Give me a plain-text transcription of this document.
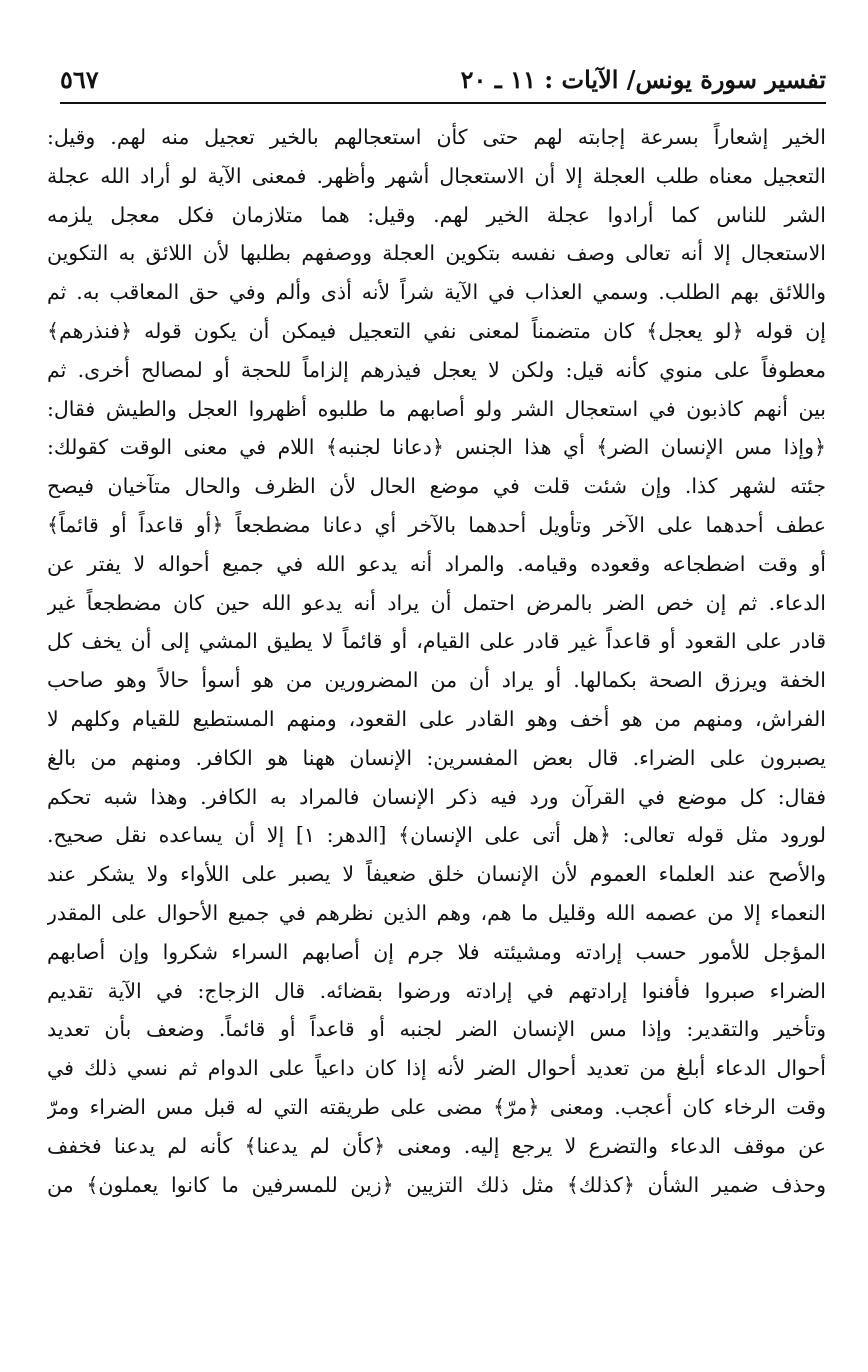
تفسير سورة يونس/ الآيات : ١١ ـ ٢٠
٥٦٧
الخير إشعاراً بسرعة إجابته لهم حتى كأن استعجالهم بالخير تعجيل منه لهم. وقيل:
التعجيل معناه طلب العجلة إلا أن الاستعجال أشهر وأظهر. فمعنى الآية لو أراد الله عجلة
الشر للناس كما أرادوا عجلة الخير لهم. وقيل: هما متلازمان فكل معجل يلزمه
الاستعجال إلا أنه تعالى وصف نفسه بتكوين العجلة ووصفهم بطلبها لأن اللائق به التكوين
واللائق بهم الطلب. وسمي العذاب في الآية شراً لأنه أذى وألم وفي حق المعاقب به. ثم
إن قوله ﴿لو يعجل﴾ كان متضمناً لمعنى نفي التعجيل فيمكن أن يكون قوله ﴿فنذرهم﴾
معطوفاً على منوي كأنه قيل: ولكن لا يعجل فيذرهم إلزاماً للحجة أو لمصالح أخرى. ثم
بين أنهم كاذبون في استعجال الشر ولو أصابهم ما طلبوه أظهروا العجل والطيش فقال:
﴿وإذا مس الإنسان الضر﴾ أي هذا الجنس ﴿دعانا لجنبه﴾ اللام في معنى الوقت كقولك:
جئته لشهر كذا. وإن شئت قلت في موضع الحال لأن الظرف والحال متآخيان فيصح
عطف أحدهما على الآخر وتأويل أحدهما بالآخر أي دعانا مضطجعاً ﴿أو قاعداً أو قائماً﴾
أو وقت اضطجاعه وقعوده وقيامه. والمراد أنه يدعو الله في جميع أحواله لا يفتر عن
الدعاء. ثم إن خص الضر بالمرض احتمل أن يراد أنه يدعو الله حين كان مضطجعاً غير
قادر على القعود أو قاعداً غير قادر على القيام، أو قائماً لا يطيق المشي إلى أن يخف كل
الخفة ويرزق الصحة بكمالها. أو يراد أن من المضرورين من هو أسوأ حالاً وهو صاحب
الفراش، ومنهم من هو أخف وهو القادر على القعود، ومنهم المستطيع للقيام وكلهم لا
يصبرون على الضراء. قال بعض المفسرين: الإنسان ههنا هو الكافر. ومنهم من بالغ
فقال: كل موضع في القرآن ورد فيه ذكر الإنسان فالمراد به الكافر. وهذا شبه تحكم
لورود مثل قوله تعالى: ﴿هل أتى على الإنسان﴾ [الدهر: ١] إلا أن يساعده نقل صحيح.
والأصح عند العلماء العموم لأن الإنسان خلق ضعيفاً لا يصبر على اللأواء ولا يشكر عند
النعماء إلا من عصمه الله وقليل ما هم، وهم الذين نظرهم في جميع الأحوال على المقدر
المؤجل للأمور حسب إرادته ومشيئته فلا جرم إن أصابهم السراء شكروا وإن أصابهم
الضراء صبروا فأفنوا إرادتهم في إرادته ورضوا بقضائه. قال الزجاج: في الآية تقديم
وتأخير والتقدير: وإذا مس الإنسان الضر لجنبه أو قاعداً أو قائماً. وضعف بأن تعديد
أحوال الدعاء أبلغ من تعديد أحوال الضر لأنه إذا كان داعياً على الدوام ثم نسي ذلك في
وقت الرخاء كان أعجب. ومعنى ﴿مرّ﴾ مضى على طريقته التي له قبل مس الضراء ومرّ
عن موقف الدعاء والتضرع لا يرجع إليه. ومعنى ﴿كأن لم يدعنا﴾ كأنه لم يدعنا فخفف
وحذف ضمير الشأن ﴿كذلك﴾ مثل ذلك التزيين ﴿زين للمسرفين ما كانوا يعملون﴾ من
